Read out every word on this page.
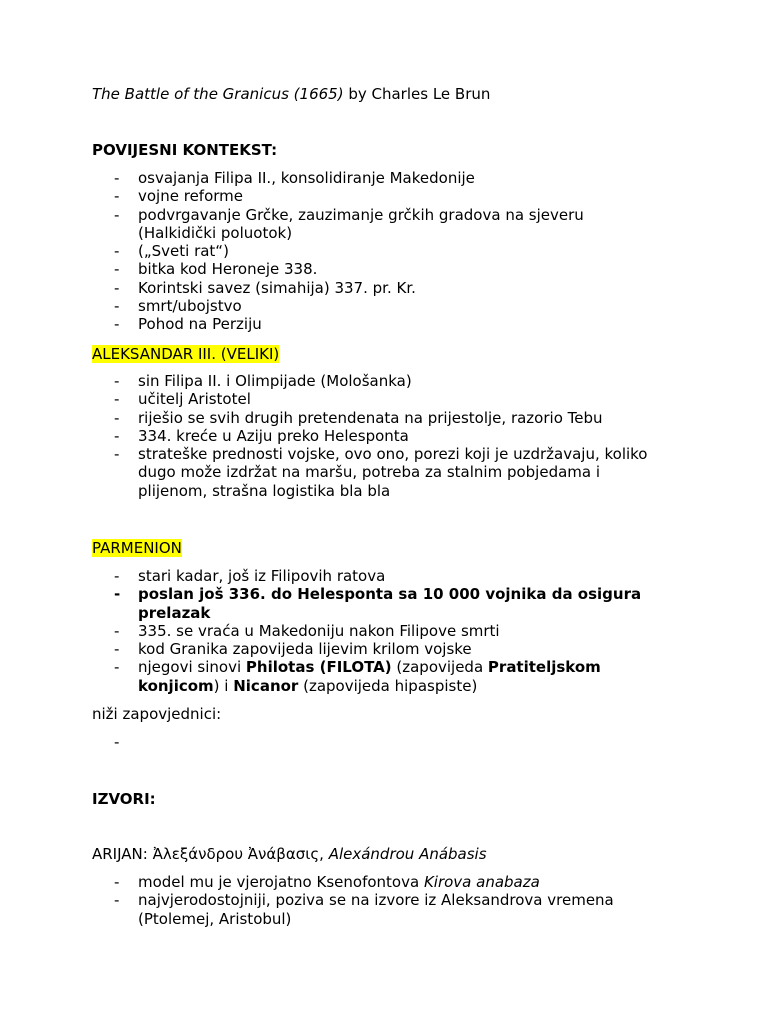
The Battle of the Granicus (1665) by Charles Le Brun
POVIJESNI KONTEKST:
- osvajanja Filipa II., konsolidiranje Makedonije
- vojne reforme
- podvrgavanje Grčke, zauzimanje grčkih gradova na sjeveru
(Halkidički poluotok)
- („Sveti rat“)
- bitka kod Heroneje 338.
- Korintski savez (simahija) 337. pr. Kr.
- smrt/ubojstvo
- Pohod na Perziju
ALEKSANDAR III. (VELIKI)
- sin Filipa II. i Olimpijade (Mološanka)
- učitelj Aristotel
- riješio se svih drugih pretendenata na prijestolje, razorio Tebu
- 334. kreće u Aziju preko Helesponta
- strateške prednosti vojske, ovo ono, porezi koji je uzdržavaju, koliko
dugo može izdržat na maršu, potreba za stalnim pobjedama i
plijenom, strašna logistika bla bla
PARMENION
- stari kadar, još iz Filipovih ratova
- poslan još 336. do Helesponta sa 10 000 vojnika da osigura
prelazak
- 335. se vraća u Makedoniju nakon Filipove smrti
- kod Granika zapovijeda lijevim krilom vojske
- njegovi sinovi Philotas (FILOTA) (zapovijeda Pratiteljskom
konjicom) i Nicanor (zapovijeda hipaspiste)
niži zapovjednici:
IZVORI:
ARIJAN: Ἀλεξάνδρου Ἀνάβασις, Alexándrou Anábasis
- model mu je vjerojatno Ksenofontova Kirova anabaza
- najvjerodostojniji, poziva se na izvore iz Aleksandrova vremena
(Ptolemej, Aristobul)
